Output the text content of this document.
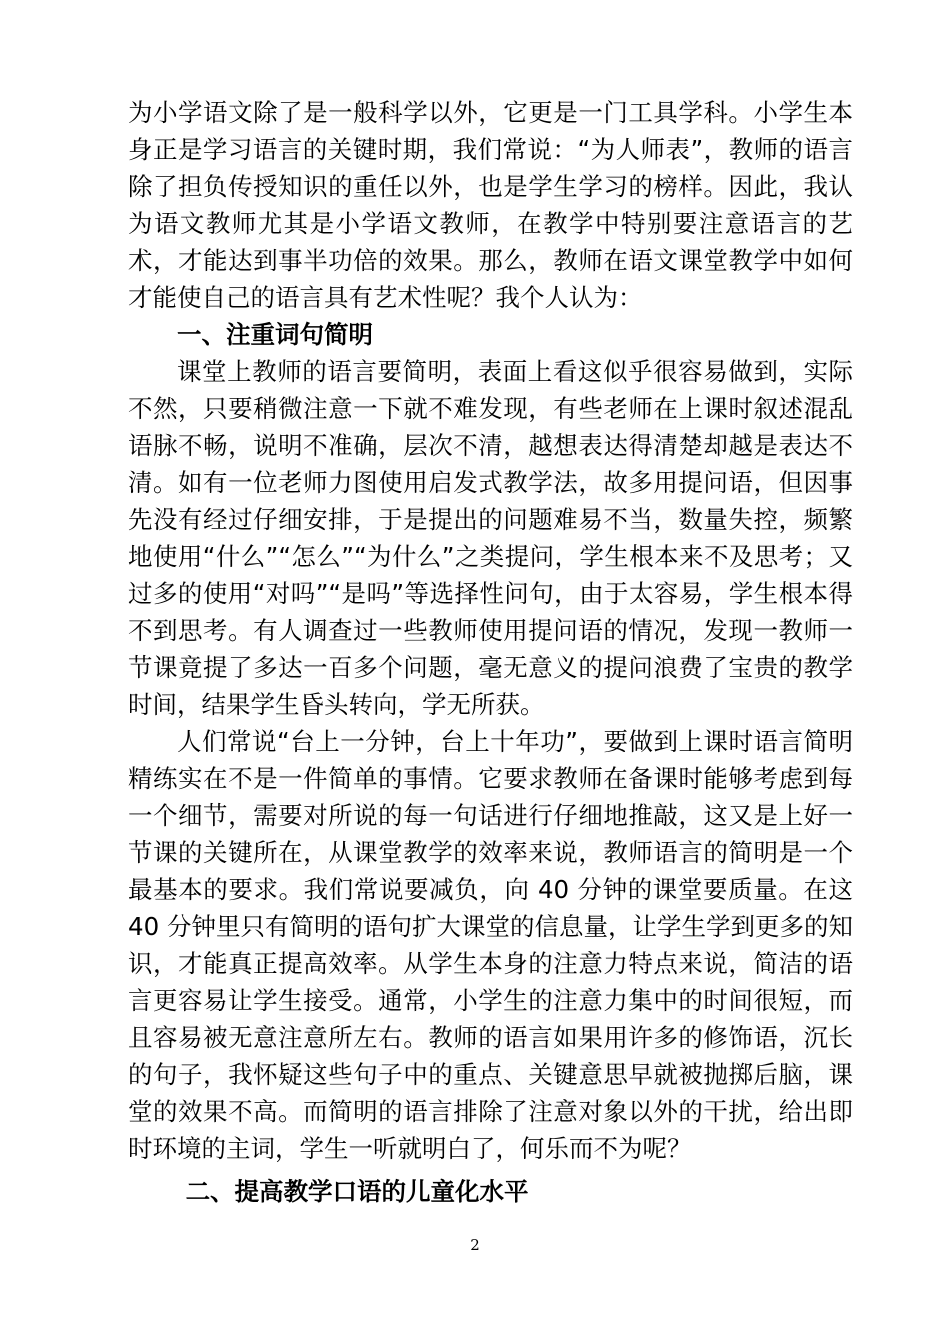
为小学语文除了是一般科学以外，它更是一门工具学科。小学生本身正是学习语言的关键时期，我们常说：“为人师表”，教师的语言除了担负传授知识的重任以外，也是学生学习的榜样。因此，我认为语文教师尤其是小学语文教师，在教学中特别要注意语言的艺术，才能达到事半功倍的效果。那么，教师在语文课堂教学中如何才能使自己的语言具有艺术性呢？我个人认为：

一、注重词句简明

课堂上教师的语言要简明，表面上看这似乎很容易做到，实际不然，只要稍微注意一下就不难发现，有些老师在上课时叙述混乱语脉不畅，说明不准确，层次不清，越想表达得清楚却越是表达不清。如有一位老师力图使用启发式教学法，故多用提问语，但因事先没有经过仔细安排，于是提出的问题难易不当，数量失控，频繁地使用“什么”“怎么”“为什么”之类提问，学生根本来不及思考；又过多的使用“对吗”“是吗”等选择性问句，由于太容易，学生根本得不到思考。有人调查过一些教师使用提问语的情况，发现一教师一节课竟提了多达一百多个问题，毫无意义的提问浪费了宝贵的教学时间，结果学生昏头转向，学无所获。

人们常说“台上一分钟，台上十年功”，要做到上课时语言简明精练实在不是一件简单的事情。它要求教师在备课时能够考虑到每一个细节，需要对所说的每一句话进行仔细地推敲，这又是上好一节课的关键所在，从课堂教学的效率来说，教师语言的简明是一个最基本的要求。我们常说要减负，向 40 分钟的课堂要质量。在这 40 分钟里只有简明的语句扩大课堂的信息量，让学生学到更多的知识，才能真正提高效率。从学生本身的注意力特点来说，简洁的语言更容易让学生接受。通常，小学生的注意力集中的时间很短，而且容易被无意注意所左右。教师的语言如果用许多的修饰语，沉长的句子，我怀疑这些句子中的重点、关键意思早就被抛掷后脑，课堂的效果不高。而简明的语言排除了注意对象以外的干扰，给出即时环境的主词，学生一听就明白了，何乐而不为呢？

二、提高教学口语的儿童化水平
2
